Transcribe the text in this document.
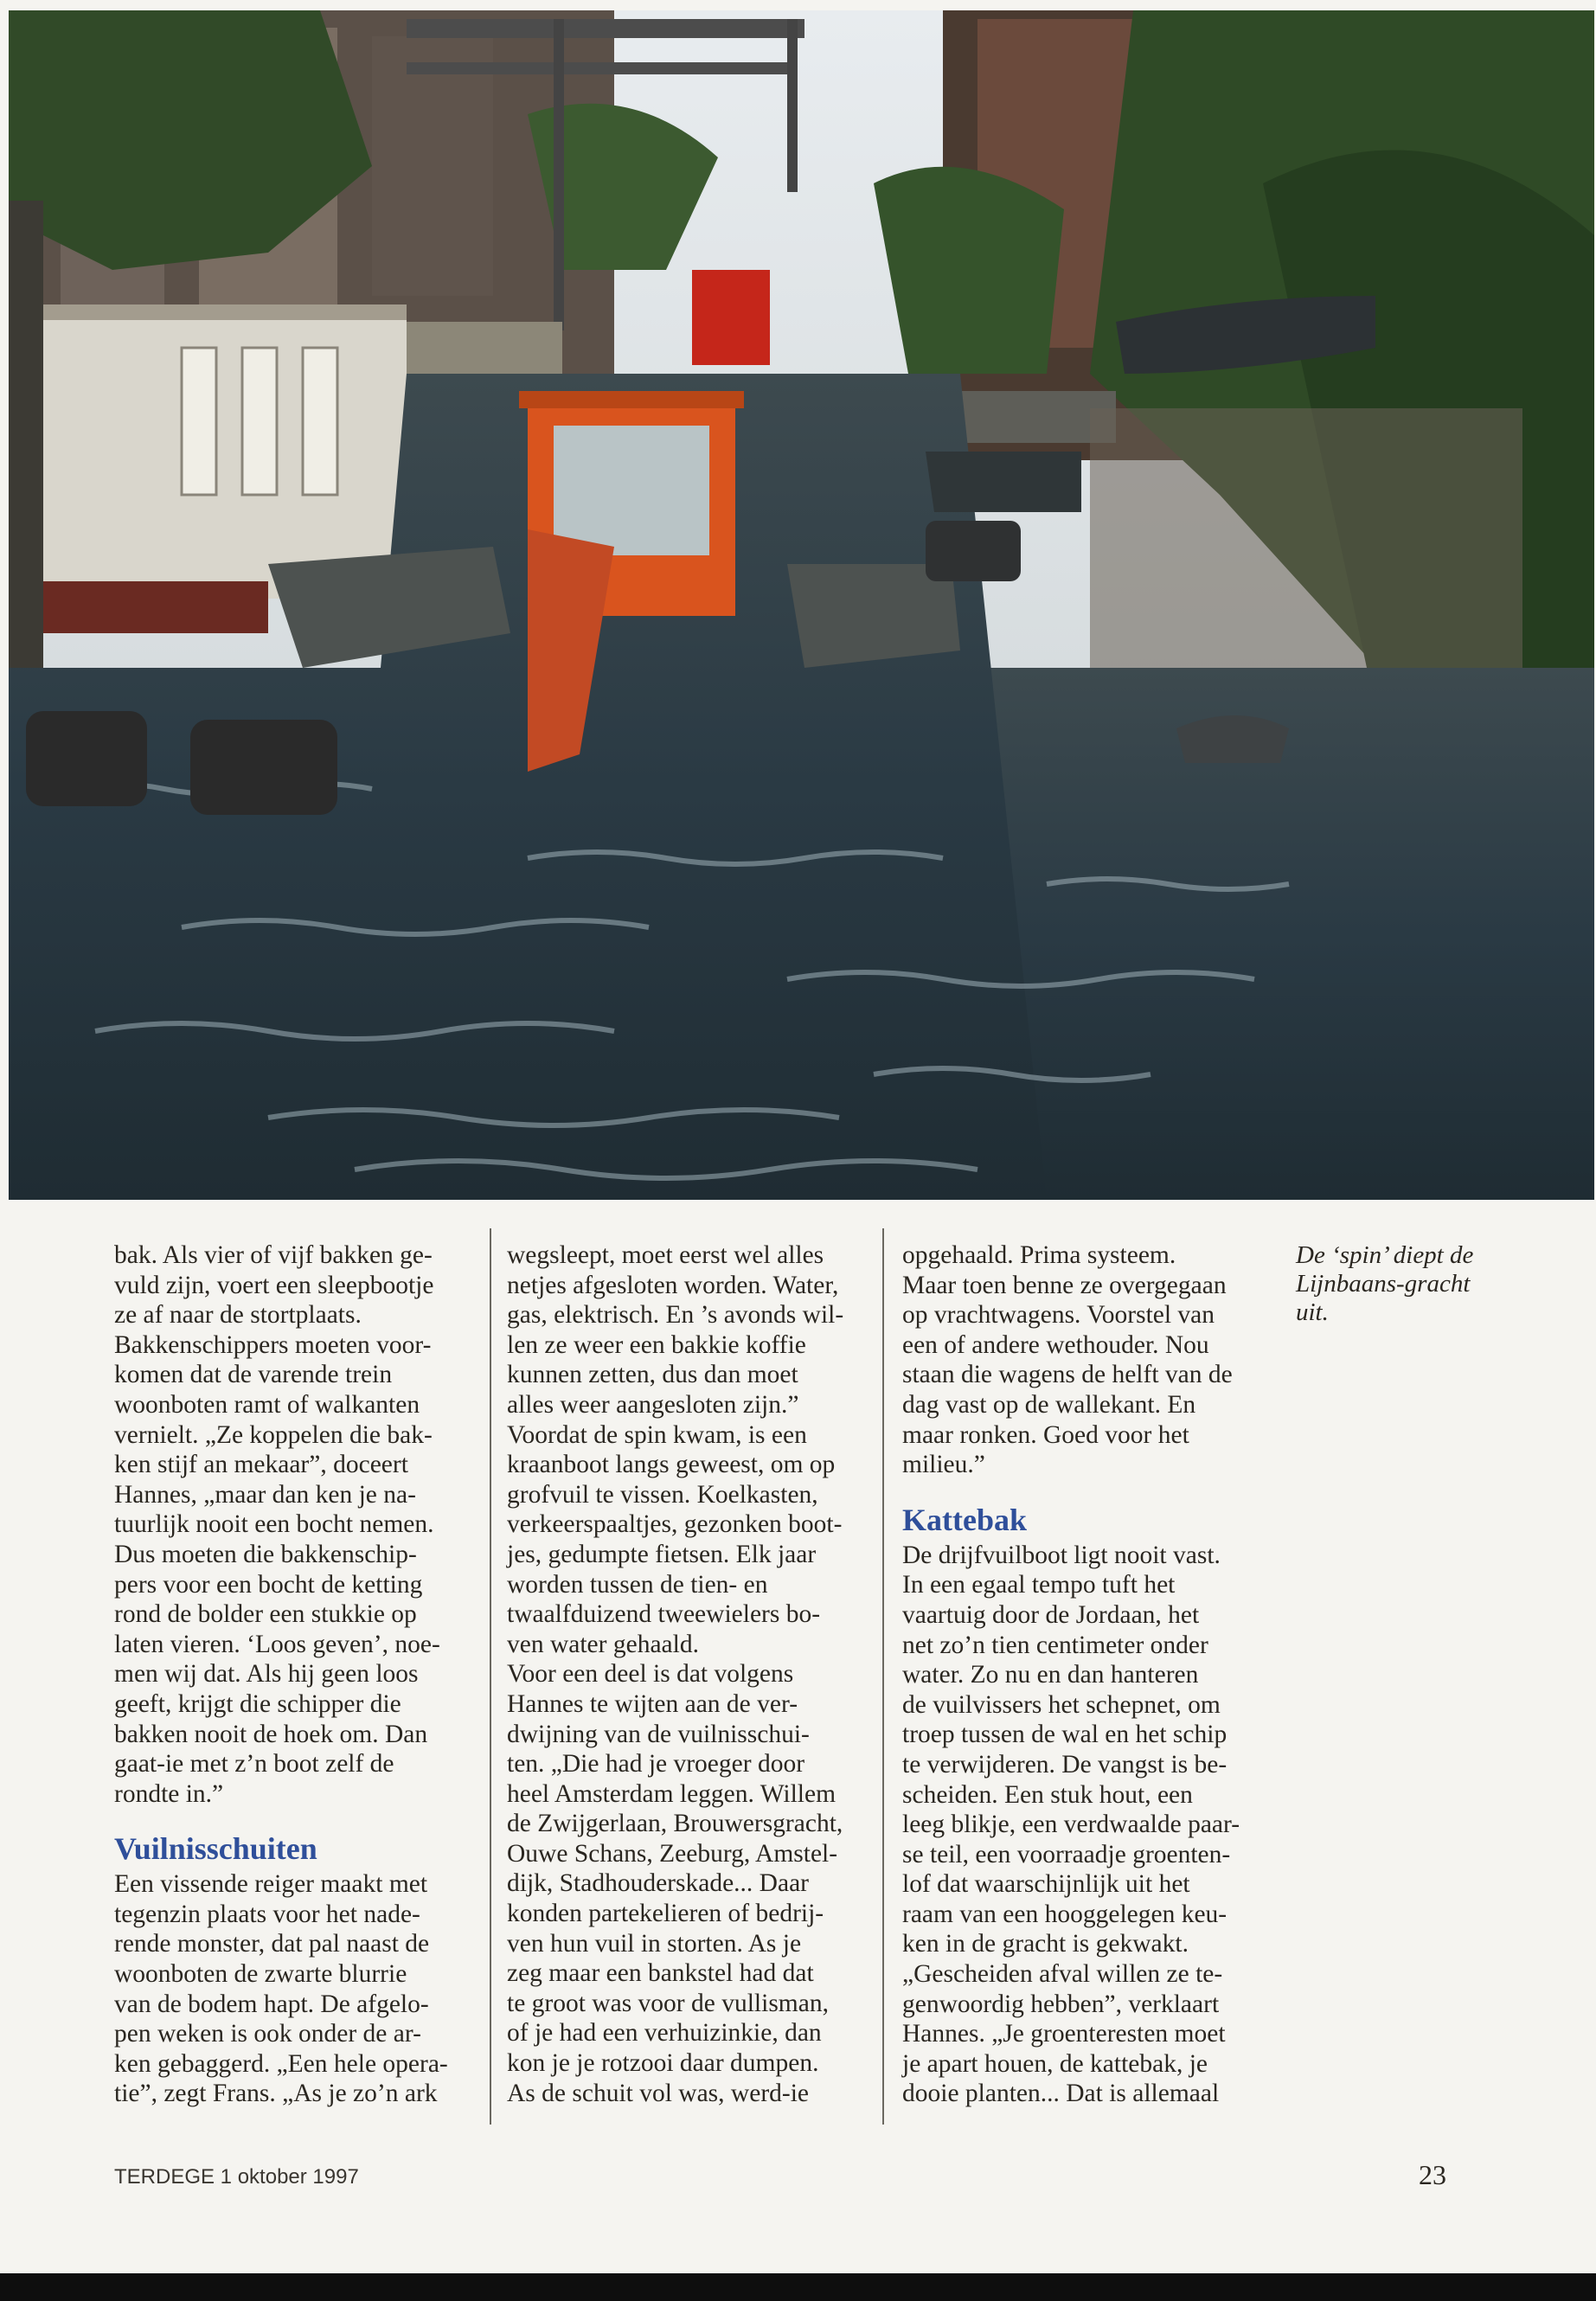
De ‘spin’ diept de Lijnbaans-gracht uit.

bak. Als vier of vijf bakken ge-
vuld zijn, voert een sleepbootje
ze af naar de stortplaats.
Bakkenschippers moeten voor-
komen dat de varende trein
woonboten ramt of walkanten
vernielt. „Ze koppelen die bak-
ken stijf an mekaar”, doceert
Hannes, „maar dan ken je na-
tuurlijk nooit een bocht nemen.
Dus moeten die bakkenschip-
pers voor een bocht de ketting
rond de bolder een stukkie op
laten vieren. ‘Loos geven’, noe-
men wij dat. Als hij geen loos
geeft, krijgt die schipper die
bakken nooit de hoek om. Dan
gaat-ie met z’n boot zelf de
rondte in.”

Vuilnisschuiten

Een vissende reiger maakt met
tegenzin plaats voor het nade-
rende monster, dat pal naast de
woonboten de zwarte blurrie
van de bodem hapt. De afgelo-
pen weken is ook onder de ar-
ken gebaggerd. „Een hele opera-
tie”, zegt Frans. „As je zo’n ark

wegsleept, moet eerst wel alles
netjes afgesloten worden. Water,
gas, elektrisch. En ’s avonds wil-
len ze weer een bakkie koffie
kunnen zetten, dus dan moet
alles weer aangesloten zijn.”
Voordat de spin kwam, is een
kraanboot langs geweest, om op
grofvuil te vissen. Koelkasten,
verkeerspaaltjes, gezonken boot-
jes, gedumpte fietsen. Elk jaar
worden tussen de tien- en
twaalfduizend tweewielers bo-
ven water gehaald.
Voor een deel is dat volgens
Hannes te wijten aan de ver-
dwijning van de vuilnisschui-
ten. „Die had je vroeger door
heel Amsterdam leggen. Willem
de Zwijgerlaan, Brouwersgracht,
Ouwe Schans, Zeeburg, Amstel-
dijk, Stadhouderskade... Daar
konden partekelieren of bedrij-
ven hun vuil in storten. As je
zeg maar een bankstel had dat
te groot was voor de vullisman,
of je had een verhuizinkie, dan
kon je je rotzooi daar dumpen.
As de schuit vol was, werd-ie

opgehaald. Prima systeem.
Maar toen benne ze overgegaan
op vrachtwagens. Voorstel van
een of andere wethouder. Nou
staan die wagens de helft van de
dag vast op de wallekant. En
maar ronken. Goed voor het
milieu.”

Kattebak

De drijfvuilboot ligt nooit vast.
In een egaal tempo tuft het
vaartuig door de Jordaan, het
net zo’n tien centimeter onder
water. Zo nu en dan hanteren
de vuilvissers het schepnet, om
troep tussen de wal en het schip
te verwijderen. De vangst is be-
scheiden. Een stuk hout, een
leeg blikje, een verdwaalde paar-
se teil, een voorraadje groenten-
lof dat waarschijnlijk uit het
raam van een hooggelegen keu-
ken in de gracht is gekwakt.
„Gescheiden afval willen ze te-
genwoordig hebben”, verklaart
Hannes. „Je groenteresten moet
je apart houen, de kattebak, je
dooie planten... Dat is allemaal

TERDEGE 1 oktober 1997	23
